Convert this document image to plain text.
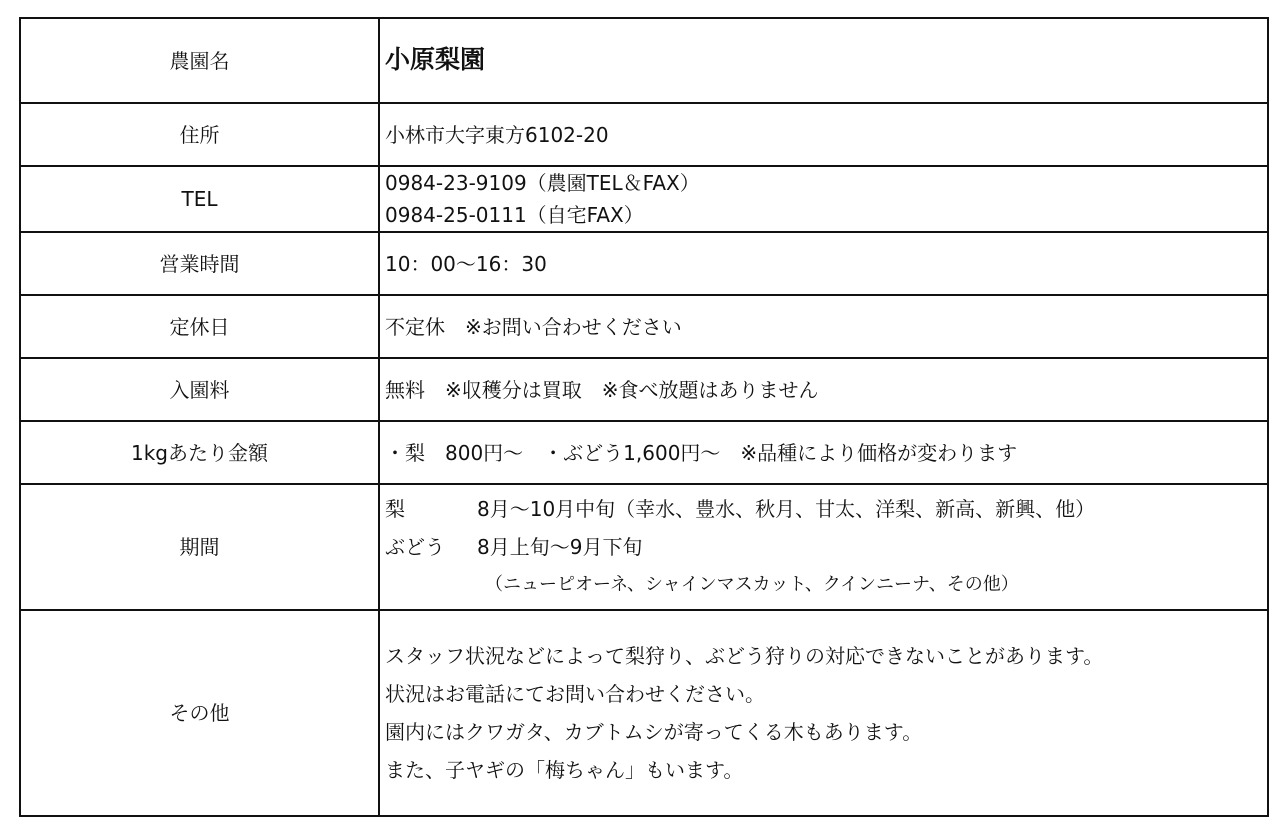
農園名	小原梨園
住所	小林市大字東方6102-20
TEL	0984-23-9109（農園TEL＆FAX）
0984-25-0111（自宅FAX）

営業時間	10：00～16：30
定休日	不定休　※お問い合わせください
入園料	無料　※収穫分は買取　※食べ放題はありません
1kgあたり金額	・梨　800円～　・ぶどう1,600円～　※品種により価格が変わります
期間	梨 8月～10月中旬（幸水、豊水、秋月、甘太、洋梨、新高、新興、他）
ぶどう 8月上旬～9月下旬
（ニューピオーネ、シャインマスカット、クインニーナ、その他）

その他	スタッフ状況などによって梨狩り、ぶどう狩りの対応できないことがあります。
状況はお電話にてお問い合わせください。
園内にはクワガタ、カブトムシが寄ってくる木もあります。
また、子ヤギの「梅ちゃん」もいます。
